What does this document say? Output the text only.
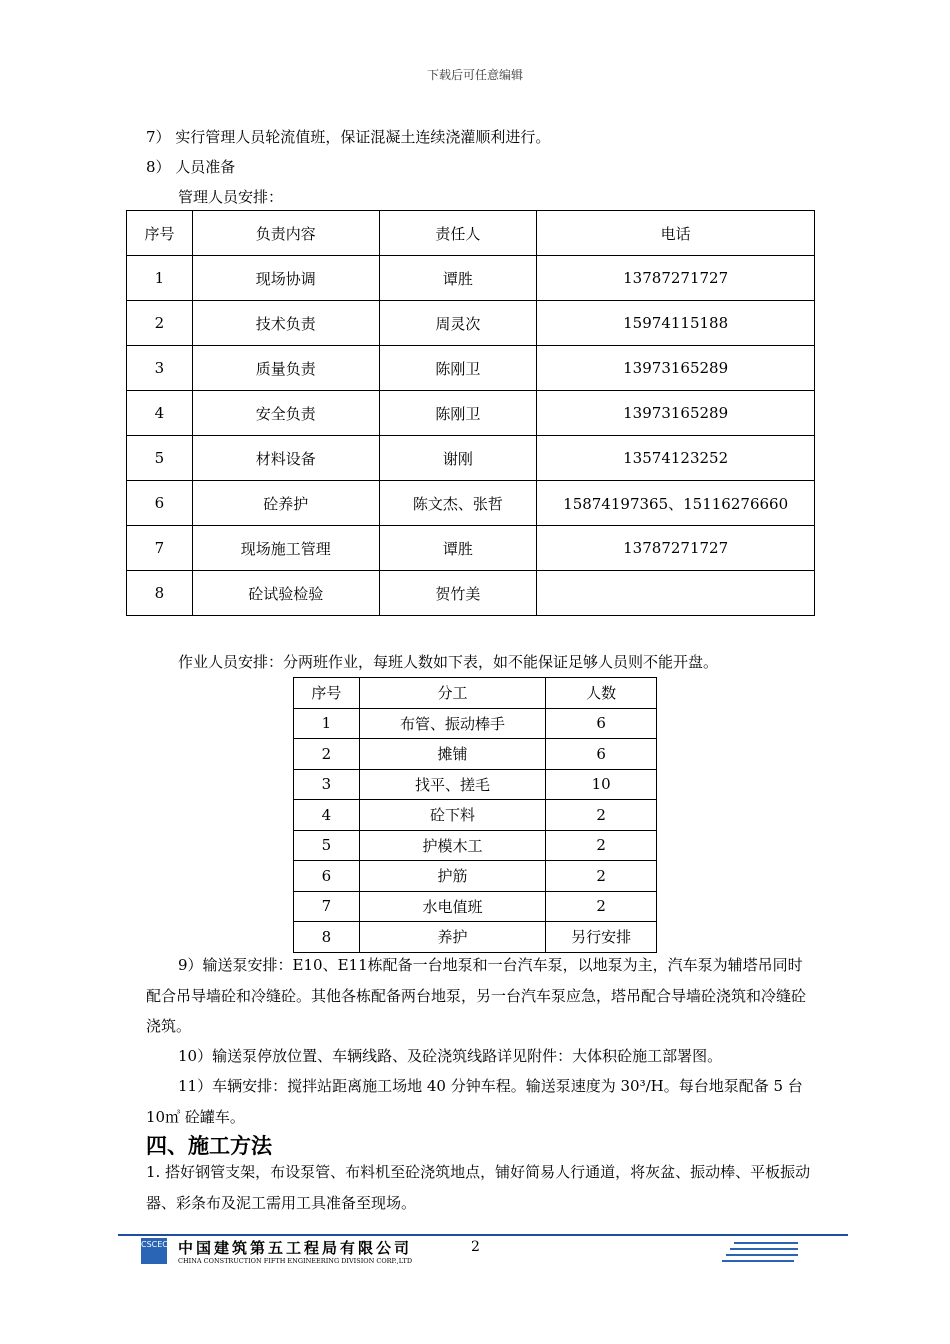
下载后可任意编辑
7） 实行管理人员轮流值班，保证混凝土连续浇灌顺利进行。
8） 人员准备
管理人员安排：
序号	负责内容	责任人	电话
1	现场协调	谭胜	13787271727
2	技术负责	周灵次	15974115188
3	质量负责	陈刚卫	13973165289
4	安全负责	陈刚卫	13973165289
5	材料设备	谢刚	13574123252
6	砼养护	陈文杰、张哲	15874197365、15116276660
7	现场施工管理	谭胜	13787271727
8	砼试验检验	贺竹美	
作业人员安排：分两班作业，每班人数如下表，如不能保证足够人员则不能开盘。
序号	分工	人数
1	布管、振动棒手	6
2	摊铺	6
3	找平、搓毛	10
4	砼下料	2
5	护模木工	2
6	护筋	2
7	水电值班	2
8	养护	另行安排
9）输送泵安排：E10、E11栋配备一台地泵和一台汽车泵，以地泵为主，汽车泵为辅塔吊同时配合吊导墙砼和冷缝砼。其他各栋配备两台地泵，另一台汽车泵应急，塔吊配合导墙砼浇筑和冷缝砼浇筑。
10）输送泵停放位置、车辆线路、及砼浇筑线路详见附件：大体积砼施工部署图。
11）车辆安排：搅拌站距离施工场地 40 分钟车程。输送泵速度为 30³/H。每台地泵配备 5 台 10㎥ 砼罐车。
四、施工方法
1. 搭好钢管支架，布设泵管、布料机至砼浇筑地点，铺好简易人行通道，将灰盆、振动棒、平板振动器、彩条布及泥工需用工具准备至现场。
CSCEC 中国建筑第五工程局有限公司
CHINA CONSTRUCTION FIFTH ENGINEERING DIVISION CORP.,LTD
2
